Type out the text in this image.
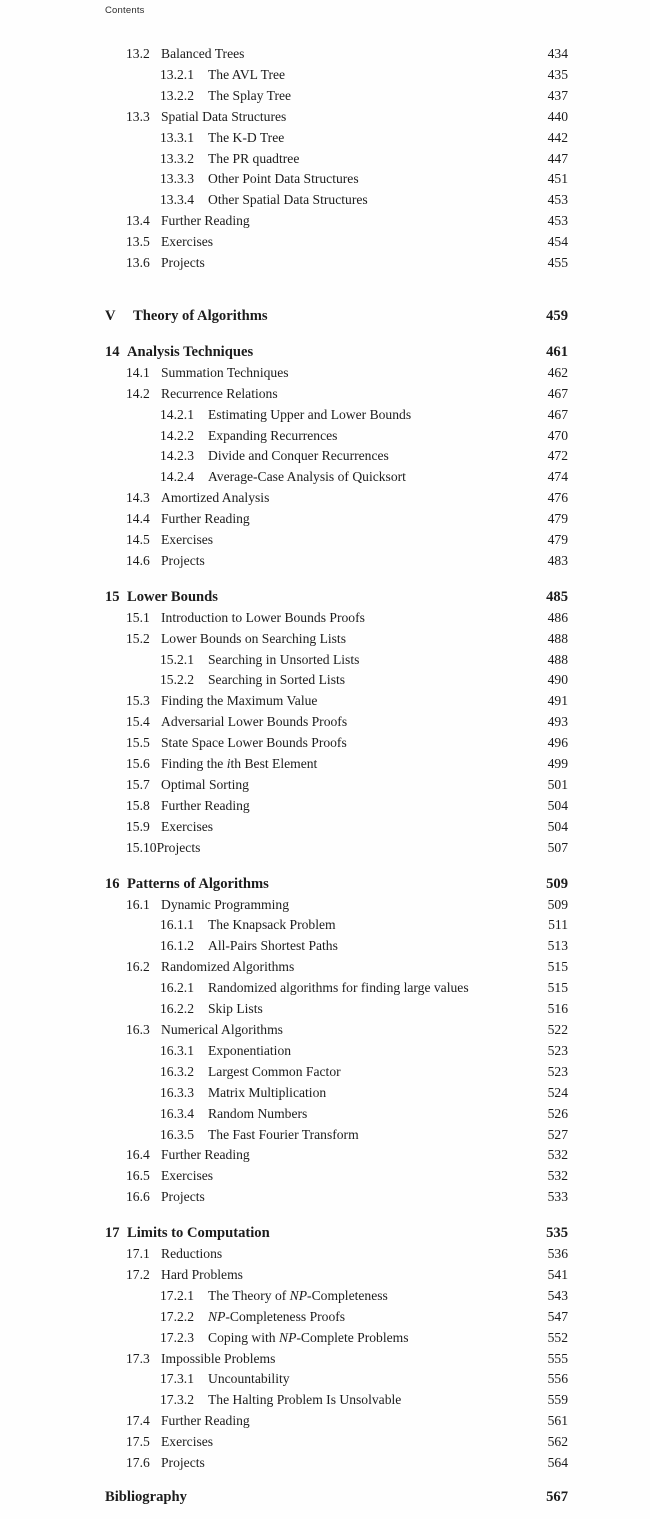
Contents
13.2 Balanced Trees	434
13.2.1	The AVL Tree	435
13.2.2	The Splay Tree	437
13.3 Spatial Data Structures	440
13.3.1	The K-D Tree	442
13.3.2	The PR quadtree	447
13.3.3	Other Point Data Structures	451
13.3.4	Other Spatial Data Structures	453
13.4 Further Reading	453
13.5 Exercises	454
13.6 Projects	455
V	Theory of Algorithms	459
14 Analysis Techniques	461
14.1 Summation Techniques	462
14.2 Recurrence Relations	467
14.2.1	Estimating Upper and Lower Bounds	467
14.2.2	Expanding Recurrences	470
14.2.3	Divide and Conquer Recurrences	472
14.2.4	Average-Case Analysis of Quicksort	474
14.3 Amortized Analysis	476
14.4 Further Reading	479
14.5 Exercises	479
14.6 Projects	483
15 Lower Bounds	485
15.1 Introduction to Lower Bounds Proofs	486
15.2 Lower Bounds on Searching Lists	488
15.2.1	Searching in Unsorted Lists	488
15.2.2	Searching in Sorted Lists	490
15.3 Finding the Maximum Value	491
15.4 Adversarial Lower Bounds Proofs	493
15.5 State Space Lower Bounds Proofs	496
15.6 Finding the ith Best Element	499
15.7 Optimal Sorting	501
15.8 Further Reading	504
15.9 Exercises	504
15.10 Projects	507
16 Patterns of Algorithms	509
16.1 Dynamic Programming	509
16.1.1	The Knapsack Problem	511
16.1.2	All-Pairs Shortest Paths	513
16.2 Randomized Algorithms	515
16.2.1	Randomized algorithms for finding large values	515
16.2.2	Skip Lists	516
16.3 Numerical Algorithms	522
16.3.1	Exponentiation	523
16.3.2	Largest Common Factor	523
16.3.3	Matrix Multiplication	524
16.3.4	Random Numbers	526
16.3.5	The Fast Fourier Transform	527
16.4 Further Reading	532
16.5 Exercises	532
16.6 Projects	533
17 Limits to Computation	535
17.1 Reductions	536
17.2 Hard Problems	541
17.2.1	The Theory of NP-Completeness	543
17.2.2	NP-Completeness Proofs	547
17.2.3	Coping with NP-Complete Problems	552
17.3 Impossible Problems	555
17.3.1	Uncountability	556
17.3.2	The Halting Problem Is Unsolvable	559
17.4 Further Reading	561
17.5 Exercises	562
17.6 Projects	564
Bibliography	567
